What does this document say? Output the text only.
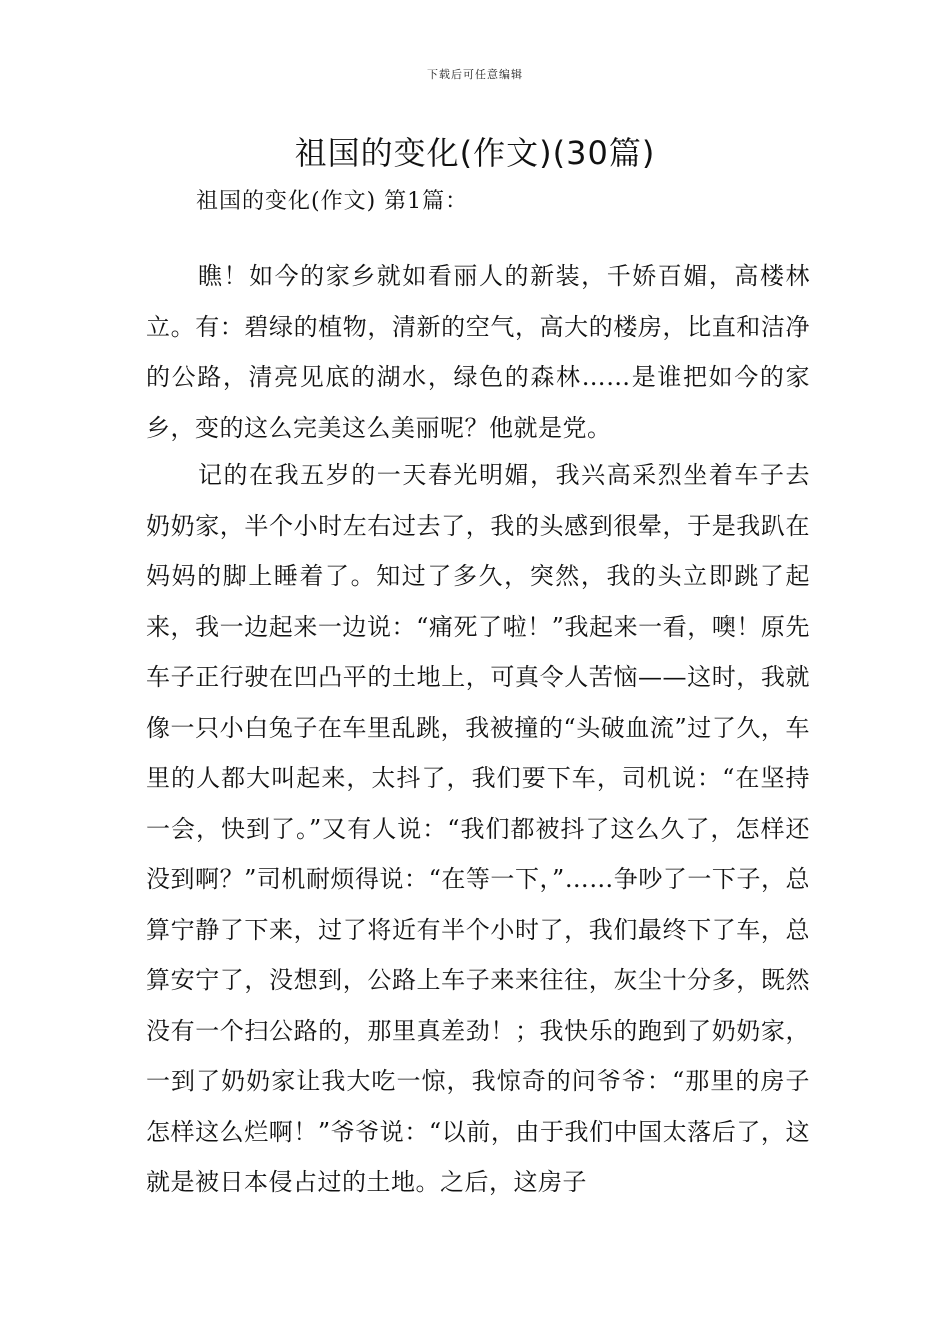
下载后可任意编辑
祖国的变化(作文)(30篇)
祖国的变化(作文) 第1篇：

瞧！如今的家乡就如看丽人的新装，千娇百媚，高楼林立。有：碧绿的植物，清新的空气，高大的楼房，比直和洁净的公路，清亮见底的湖水，绿色的森林……是谁把如今的家乡，变的这么完美这么美丽呢？他就是党。

记的在我五岁的一天春光明媚，我兴高采烈坐着车子去奶奶家，半个小时左右过去了，我的头感到很晕，于是我趴在妈妈的脚上睡着了。知过了多久，突然，我的头立即跳了起来，我一边起来一边说：“痛死了啦！”我起来一看，噢！原先车子正行驶在凹凸平的土地上，可真令人苦恼——这时，我就像一只小白兔子在车里乱跳，我被撞的“头破血流”过了久，车里的人都大叫起来，太抖了，我们要下车，司机说：“在坚持一会，快到了。”又有人说：“我们都被抖了这么久了，怎样还没到啊？”司机耐烦得说：“在等一下，”……争吵了一下子，总算宁静了下来，过了将近有半个小时了，我们最终下了车，总算安宁了，没想到，公路上车子来来往往，灰尘十分多，既然没有一个扫公路的，那里真差劲！；我快乐的跑到了奶奶家，一到了奶奶家让我大吃一惊，我惊奇的问爷爷：“那里的房子怎样这么烂啊！”爷爷说：“以前，由于我们中国太落后了，这就是被日本侵占过的土地。之后，这房子
